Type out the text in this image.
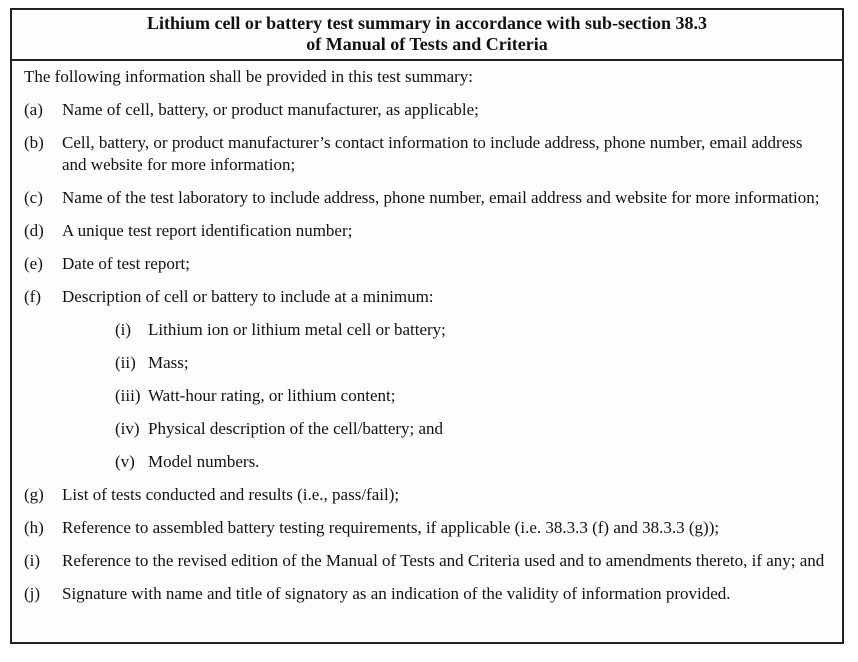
Lithium cell or battery test summary in accordance with sub-section 38.3
of Manual of Tests and Criteria

The following information shall be provided in this test summary:

(a)	Name of cell, battery, or product manufacturer, as applicable;
(b)	Cell, battery, or product manufacturer’s contact information to include address, phone number, email address and website for more information;
(c)	Name of the test laboratory to include address, phone number, email address and website for more information;
(d)	A unique test report identification number;
(e)	Date of test report;
(f)	Description of cell or battery to include at a minimum:
(i) Lithium ion or lithium metal cell or battery;
(ii) Mass;
(iii) Watt-hour rating, or lithium content;
(iv) Physical description of the cell/battery; and
(v) Model numbers.
(g)	List of tests conducted and results (i.e., pass/fail);
(h)	Reference to assembled battery testing requirements, if applicable (i.e. 38.3.3 (f) and 38.3.3 (g));
(i)	Reference to the revised edition of the Manual of Tests and Criteria used and to amendments thereto, if any; and
(j)	Signature with name and title of signatory as an indication of the validity of information provided.
